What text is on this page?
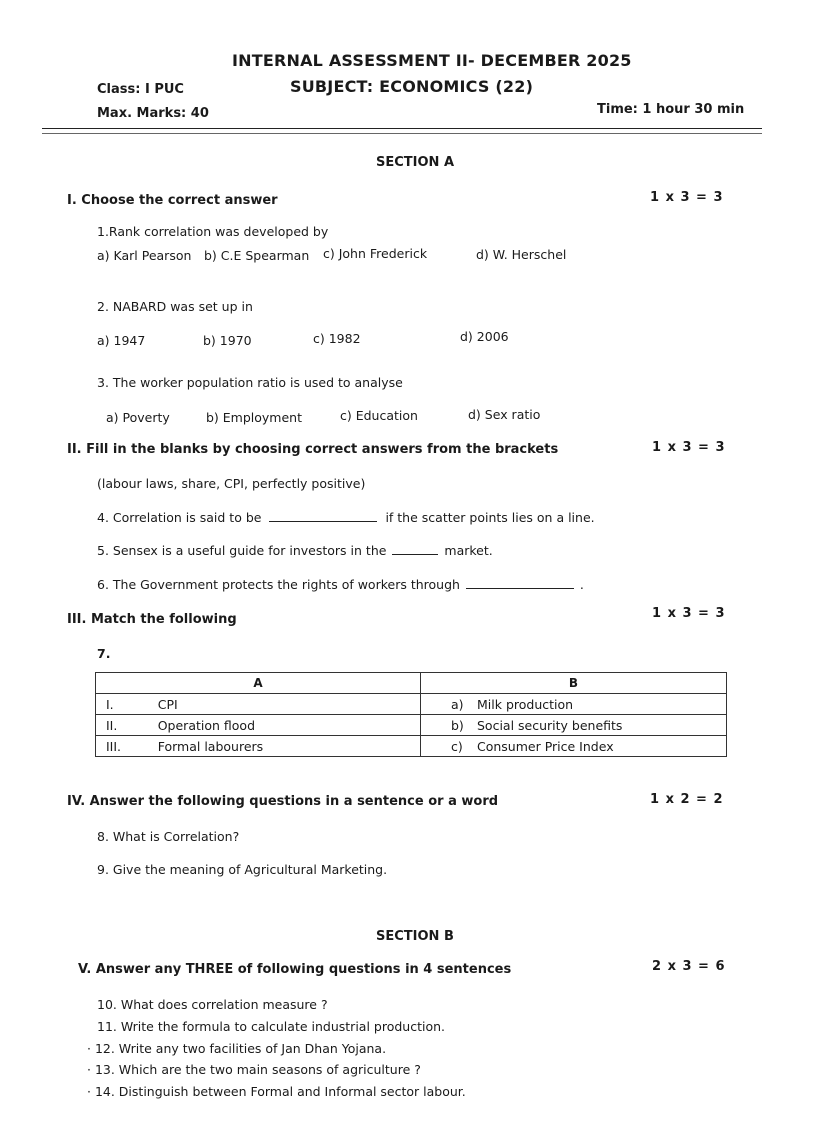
INTERNAL ASSESSMENT II- DECEMBER 2025
SUBJECT: ECONOMICS (22)
Class: I PUC
Max. Marks: 40	Time: 1 hour 30 min
SECTION A
I. Choose the correct answer	1 x 3 = 3
1.Rank correlation was developed by
a) Karl Pearson b) C.E Spearman c) John Frederick	d) W. Herschel
2. NABARD was set up in
a) 1947	b) 1970	c) 1982	d) 2006
3. The worker population ratio is used to analyse
a) Poverty	b) Employment	c) Education	d) Sex ratio
II. Fill in the blanks by choosing correct answers from the brackets	1 x 3 = 3
(labour laws, share, CPI, perfectly positive)
4. Correlation is said to be	if the scatter points lies on a line.
5. Sensex is a useful guide for investors in the	market.
6. The Government protects the rights of workers through	.
III. Match the following	1 x 3 = 3
7.
A		B	
I.	CPI	a)	Milk production
II.	Operation flood	b)	Social security benefits
III.	Formal labourers	c)	Consumer Price Index
IV. Answer the following questions in a sentence or a word	1 x 2 = 2
8. What is Correlation?
9. Give the meaning of Agricultural Marketing.
SECTION B
V. Answer any THREE of following questions in 4 sentences	2 x 3 = 6
10. What does correlation measure ?
11. Write the formula to calculate industrial production.
· 12. Write any two facilities of Jan Dhan Yojana.
· 13. Which are the two main seasons of agriculture ?
· 14. Distinguish between Formal and Informal sector labour.
